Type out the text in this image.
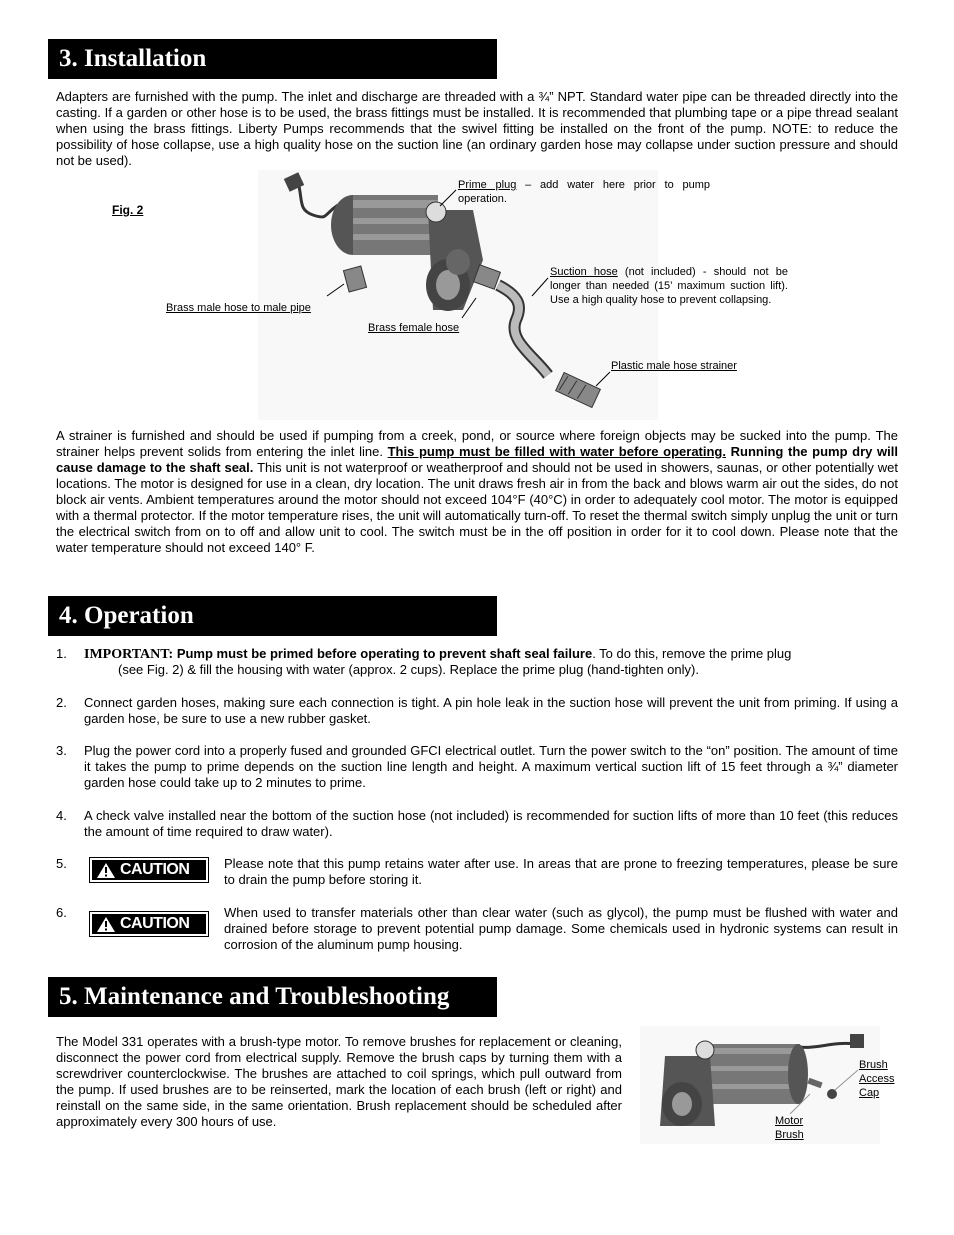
3. Installation
Adapters are furnished with the pump. The inlet and discharge are threaded with a ¾” NPT. Standard water pipe can be threaded directly into the casting. If a garden or other hose is to be used, the brass fittings must be installed. It is recommended that plumbing tape or a pipe thread sealant when using the brass fittings. Liberty Pumps recommends that the swivel fitting be installed on the front of the pump. NOTE: to reduce the possibility of hose collapse, use a high quality hose on the suction line (an ordinary garden hose may collapse under suction pressure and should not be used).
Fig. 2
Prime plug – add water here prior to pump operation.
Suction hose (not included) - should not be longer than needed (15’ maximum suction lift). Use a high quality hose to prevent collapsing.
Brass male hose to male pipe
Brass female hose
Plastic male hose strainer
A strainer is furnished and should be used if pumping from a creek, pond, or source where foreign objects may be sucked into the pump. The strainer helps prevent solids from entering the inlet line. This pump must be filled with water before operating. Running the pump dry will cause damage to the shaft seal. This unit is not waterproof or weatherproof and should not be used in showers, saunas, or other potentially wet locations. The motor is designed for use in a clean, dry location. The unit draws fresh air in from the back and blows warm air out the sides, do not block air vents. Ambient temperatures around the motor should not exceed 104°F (40°C) in order to adequately cool motor. The motor is equipped with a thermal protector. If the motor temperature rises, the unit will automatically turn-off. To reset the thermal switch simply unplug the unit or turn the electrical switch from on to off and allow unit to cool. The switch must be in the off position in order for it to cool down. Please note that the water temperature should not exceed 140° F.
4. Operation
1. IMPORTANT: Pump must be primed before operating to prevent shaft seal failure. To do this, remove the prime plug
(see Fig. 2) & fill the housing with water (approx. 2 cups). Replace the prime plug (hand-tighten only).
2. Connect garden hoses, making sure each connection is tight. A pin hole leak in the suction hose will prevent the unit from priming. If using a garden hose, be sure to use a new rubber gasket.
3. Plug the power cord into a properly fused and grounded GFCI electrical outlet. Turn the power switch to the “on” position. The amount of time it takes the pump to prime depends on the suction line length and height. A maximum vertical suction lift of 15 feet through a ¾” diameter garden hose could take up to 2 minutes to prime.
4. A check valve installed near the bottom of the suction hose (not included) is recommended for suction lifts of more than 10 feet (this reduces the amount of time required to draw water).
5.	CAUTION	Please note that this pump retains water after use. In areas that are prone to freezing temperatures, please be sure to drain the pump before storing it.
6.
CAUTION
When used to transfer materials other than clear water (such as glycol), the pump must be flushed with water and drained before storage to prevent potential pump damage. Some chemicals used in hydronic systems can result in corrosion of the aluminum pump housing.
5. Maintenance and Troubleshooting
The Model 331 operates with a brush-type motor. To remove brushes for replacement or cleaning, disconnect the power cord from electrical supply. Remove the brush caps by turning them with a screwdriver counterclockwise. The brushes are attached to coil springs, which pull outward from the pump. If used brushes are to be reinserted, mark the location of each brush (left or right) and reinstall on the same side, in the same orientation. Brush replacement should be scheduled after approximately every 300 hours of use.
Brush
Access
Cap
Motor
Brush
